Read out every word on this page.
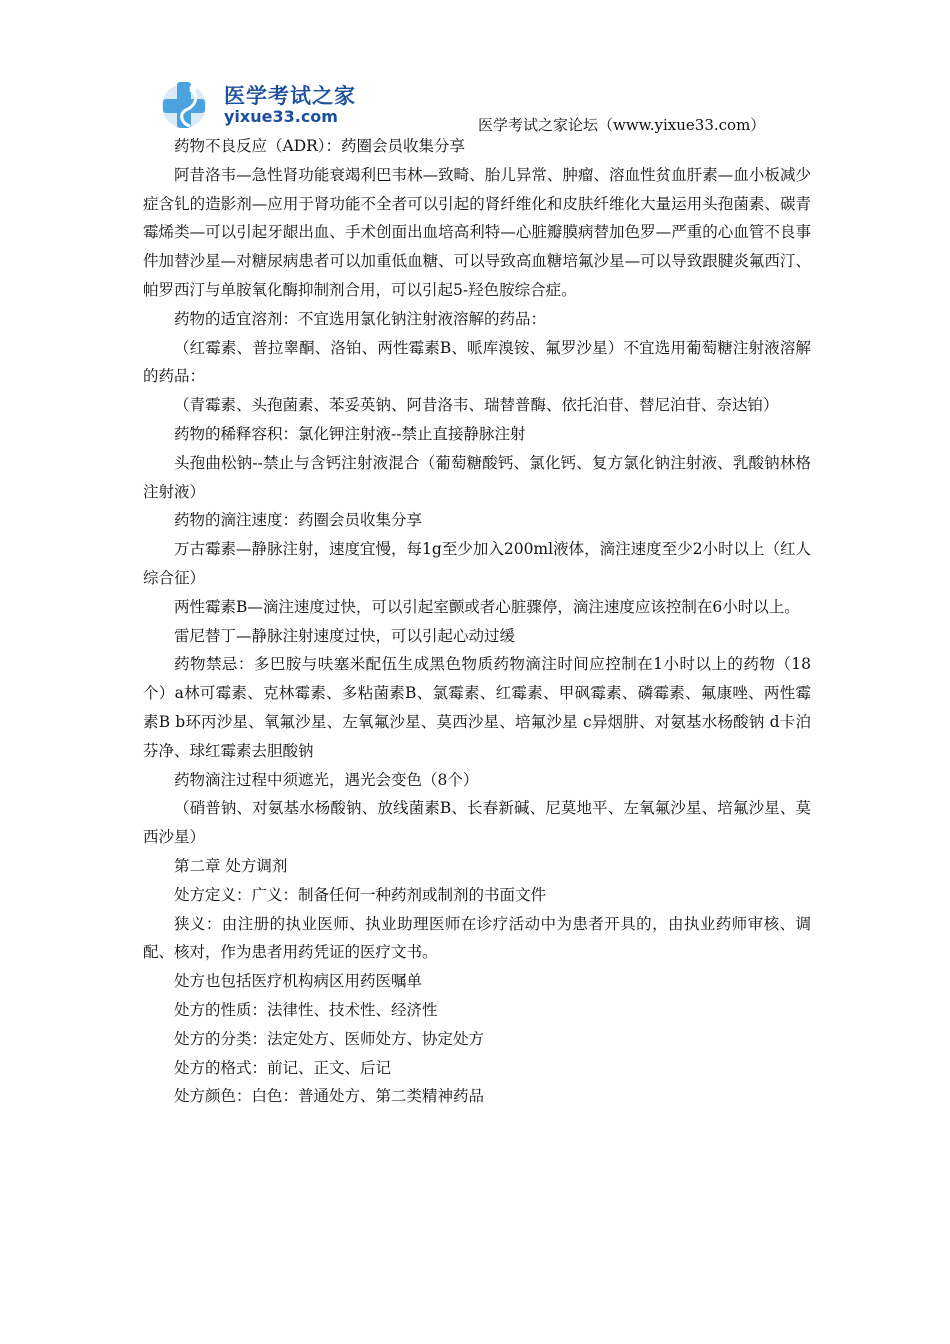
医学考试之家
yixue33.com	医学考试之家论坛（www.yixue33.com）

药物不良反应（ADR）：药圈会员收集分享

阿昔洛韦—急性肾功能衰竭利巴韦林—致畸、胎儿异常、肿瘤、溶血性贫血肝素—血小板减少症含钆的造影剂—应用于肾功能不全者可以引起的肾纤维化和皮肤纤维化大量运用头孢菌素、碳青霉烯类—可以引起牙龈出血、手术创面出血培高利特—心脏瓣膜病替加色罗—严重的心血管不良事件加替沙星—对糖尿病患者可以加重低血糖、可以导致高血糖培氟沙星—可以导致跟腱炎氟西汀、帕罗西汀与单胺氧化酶抑制剂合用，可以引起5-羟色胺综合症。

药物的适宜溶剂：不宜选用氯化钠注射液溶解的药品：

（红霉素、普拉睾酮、洛铂、两性霉素B、哌库溴铵、氟罗沙星）不宜选用葡萄糖注射液溶解的药品：

（青霉素、头孢菌素、苯妥英钠、阿昔洛韦、瑞替普酶、依托泊苷、替尼泊苷、奈达铂）

药物的稀释容积：氯化钾注射液--禁止直接静脉注射

头孢曲松钠--禁止与含钙注射液混合（葡萄糖酸钙、氯化钙、复方氯化钠注射液、乳酸钠林格注射液）

药物的滴注速度：药圈会员收集分享

万古霉素—静脉注射，速度宜慢，每1g至少加入200ml液体，滴注速度至少2小时以上（红人综合征）

两性霉素B—滴注速度过快，可以引起室颤或者心脏骤停，滴注速度应该控制在6小时以上。

雷尼替丁—静脉注射速度过快，可以引起心动过缓

药物禁忌：多巴胺与呋塞米配伍生成黑色物质药物滴注时间应控制在1小时以上的药物（18个）a林可霉素、克林霉素、多粘菌素B、氯霉素、红霉素、甲砜霉素、磷霉素、氟康唑、两性霉素B b环丙沙星、氧氟沙星、左氧氟沙星、莫西沙星、培氟沙星 c异烟肼、对氨基水杨酸钠 d卡泊芬净、球红霉素去胆酸钠

药物滴注过程中须遮光，遇光会变色（8个）

（硝普钠、对氨基水杨酸钠、放线菌素B、长春新碱、尼莫地平、左氧氟沙星、培氟沙星、莫西沙星）

第二章 处方调剂

处方定义：广义：制备任何一种药剂或制剂的书面文件

狭义：由注册的执业医师、执业助理医师在诊疗活动中为患者开具的，由执业药师审核、调配、核对，作为患者用药凭证的医疗文书。

处方也包括医疗机构病区用药医嘱单

处方的性质：法律性、技术性、经济性

处方的分类：法定处方、医师处方、协定处方

处方的格式：前记、正文、后记

处方颜色：白色：普通处方、第二类精神药品
